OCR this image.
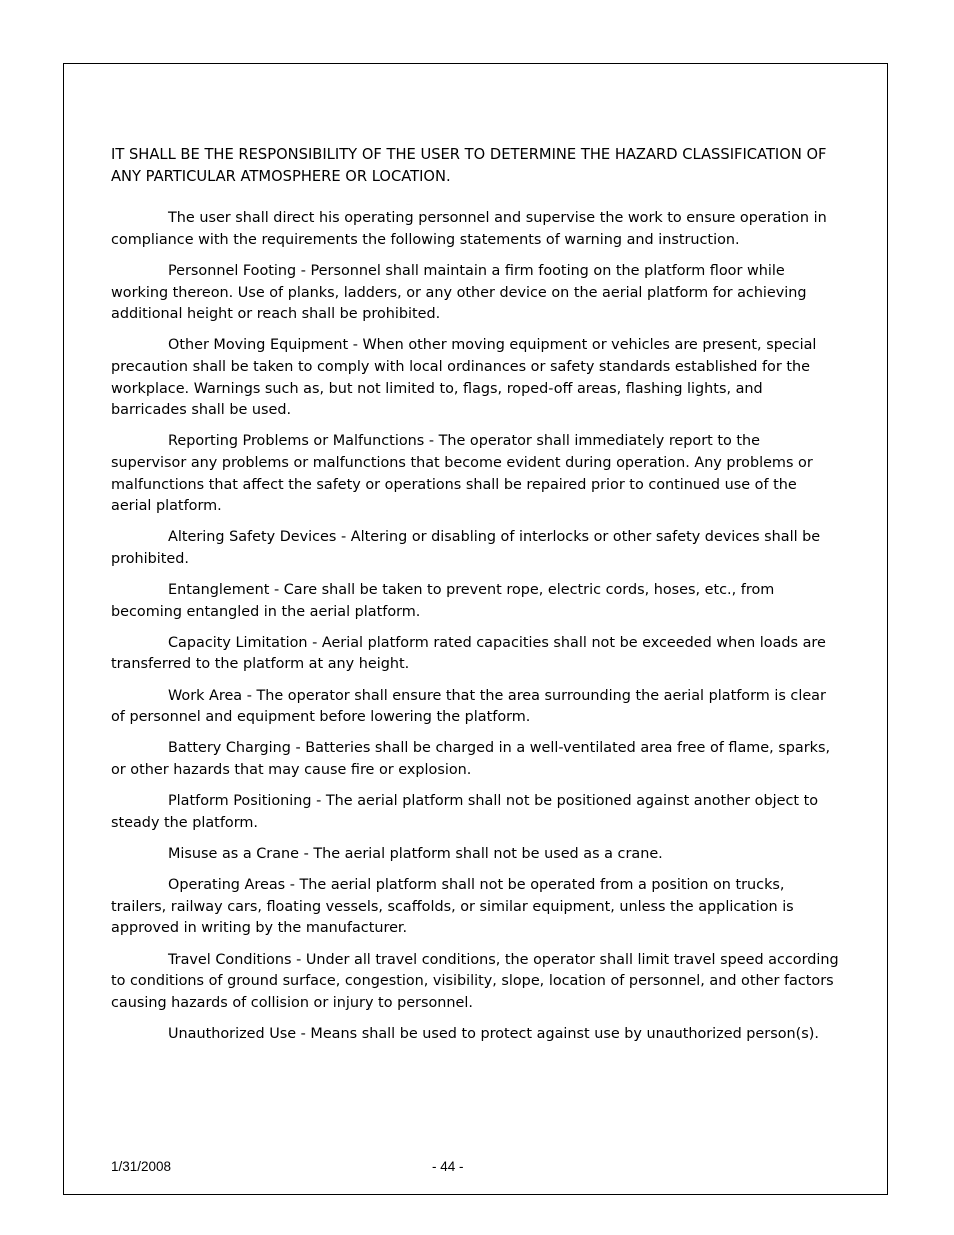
IT SHALL BE THE RESPONSIBILITY OF THE USER TO DETERMINE THE HAZARD CLASSIFICATION OF ANY PARTICULAR ATMOSPHERE OR LOCATION.

The user shall direct his operating personnel and supervise the work to ensure operation in compliance with the requirements the following statements of warning and instruction.

Personnel Footing - Personnel shall maintain a firm footing on the platform floor while working thereon. Use of planks, ladders, or any other device on the aerial platform for achieving additional height or reach shall be prohibited.

Other Moving Equipment - When other moving equipment or vehicles are present, special precaution shall be taken to comply with local ordinances or safety standards established for the workplace. Warnings such as, but not limited to, flags, roped-off areas, flashing lights, and barricades shall be used.

Reporting Problems or Malfunctions - The operator shall immediately report to the supervisor any problems or malfunctions that become evident during operation. Any problems or malfunctions that affect the safety or operations shall be repaired prior to continued use of the aerial platform.

Altering Safety Devices - Altering or disabling of interlocks or other safety devices shall be prohibited.

Entanglement - Care shall be taken to prevent rope, electric cords, hoses, etc., from becoming entangled in the aerial platform.

Capacity Limitation - Aerial platform rated capacities shall not be exceeded when loads are transferred to the platform at any height.

Work Area - The operator shall ensure that the area surrounding the aerial platform is clear of personnel and equipment before lowering the platform.

Battery Charging - Batteries shall be charged in a well-ventilated area free of flame, sparks, or other hazards that may cause fire or explosion.

Platform Positioning - The aerial platform shall not be positioned against another object to steady the platform.

Misuse as a Crane - The aerial platform shall not be used as a crane.

Operating Areas - The aerial platform shall not be operated from a position on trucks, trailers, railway cars, floating vessels, scaffolds, or similar equipment, unless the application is approved in writing by the manufacturer.

Travel Conditions - Under all travel conditions, the operator shall limit travel speed according to conditions of ground surface, congestion, visibility, slope, location of personnel, and other factors causing hazards of collision or injury to personnel.

Unauthorized Use - Means shall be used to protect against use by unauthorized person(s).

1/31/2008	- 44 -
